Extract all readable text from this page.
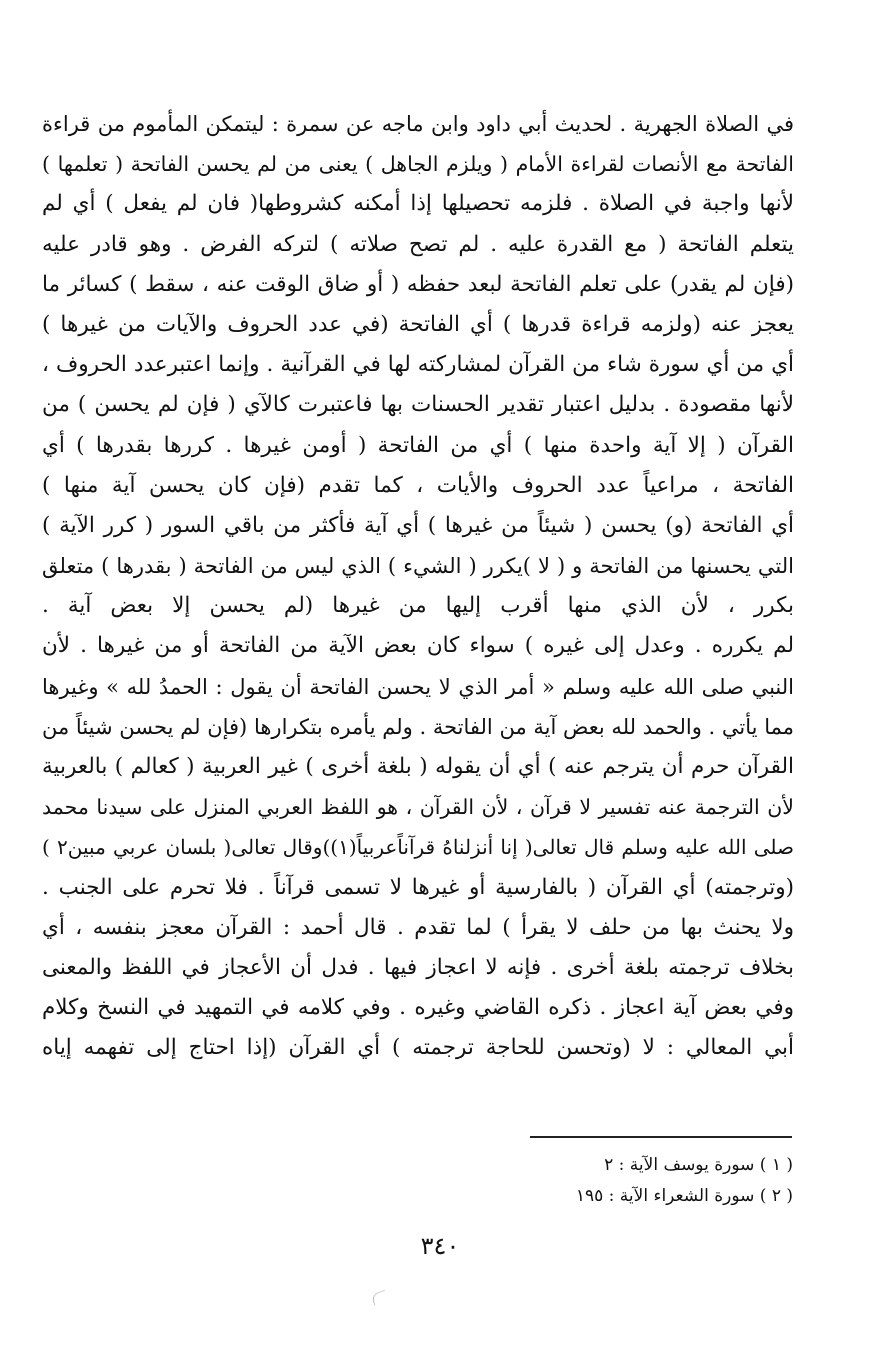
في الصلاة الجهرية . لحديث أبي داود وابن ماجه عن سمرة : ليتمكن المأموم من قراءة
الفاتحة مع الأنصات لقراءة الأمام ( ويلزم الجاهل ) يعنى من لم يحسن الفاتحة ( تعلمها )
لأنها واجبة في الصلاة . فلزمه تحصيلها إذا أمكنه كشروطها( فان لم يفعل ) أي لم
يتعلم الفاتحة ( مع القدرة عليه . لم تصح صلاته ) لتركه الفرض . وهو قادر عليه
(فإن لم يقدر) على تعلم الفاتحة لبعد حفظه ( أو ضاق الوقت عنه ، سقط ) كسائر ما
يعجز عنه (ولزمه قراءة قدرها ) أي الفاتحة (في عدد الحروف والآيات من غيرها )
أي من أي سورة شاء من القرآن لمشاركته لها في القرآنية . وإنما اعتبرعدد الحروف ،
لأنها مقصودة . بدليل اعتبار تقدير الحسنات بها فاعتبرت كالآي ( فإن لم يحسن ) من
القرآن ( إلا آية واحدة منها ) أي من الفاتحة ( أومن غيرها . كررها بقدرها ) أي
الفاتحة ، مراعياً عدد الحروف والأيات ، كما تقدم (فإن كان يحسن آية منها )
أي الفاتحة (و) يحسن ( شيئاً من غيرها ) أي آية فأكثر من باقي السور ( كرر الآية )
التي يحسنها من الفاتحة و ( لا )يكرر ( الشيء ) الذي ليس من الفاتحة ( بقدرها ) متعلق
بكرر ، لأن الذي منها أقرب إليها من غيرها (لم يحسن إلا بعض آية .
لم يكرره . وعدل إلى غيره ) سواء كان بعض الآية من الفاتحة أو من غيرها . لأن
النبي صلى الله عليه وسلم « أمر الذي لا يحسن الفاتحة أن يقول : الحمدُ لله » وغيرها
مما يأتي . والحمد لله بعض آية من الفاتحة . ولم يأمره بتكرارها (فإن لم يحسن شيئاً من
القرآن حرم أن يترجم عنه ) أي أن يقوله ( بلغة أخرى ) غير العربية ( كعالم ) بالعربية
لأن الترجمة عنه تفسير لا قرآن ، لأن القرآن ، هو اللفظ العربي المنزل على سيدنا محمد
صلى الله عليه وسلم قال تعالى( إنا أنزلناهُ قرآناًعربياً(١))وقال تعالى( بلسان عربي مبين٢ )
(وترجمته) أي القرآن ( بالفارسية أو غيرها لا تسمى قرآناً . فلا تحرم على الجنب .
ولا يحنث بها من حلف لا يقرأ ) لما تقدم . قال أحمد : القرآن معجز بنفسه ، أي
بخلاف ترجمته بلغة أخرى . فإنه لا اعجاز فيها . فدل أن الأعجاز في اللفظ والمعنى
وفي بعض آية اعجاز . ذكره القاضي وغيره . وفي كلامه في التمهيد في النسخ وكلام
أبي المعالي : لا (وتحسن للحاجة ترجمته ) أي القرآن (إذا احتاج إلى تفهمه إياه
( ١ ) سورة يوسف الآية : ٢
( ٢ ) سورة الشعراء الآية : ١٩٥
٣٤٠
